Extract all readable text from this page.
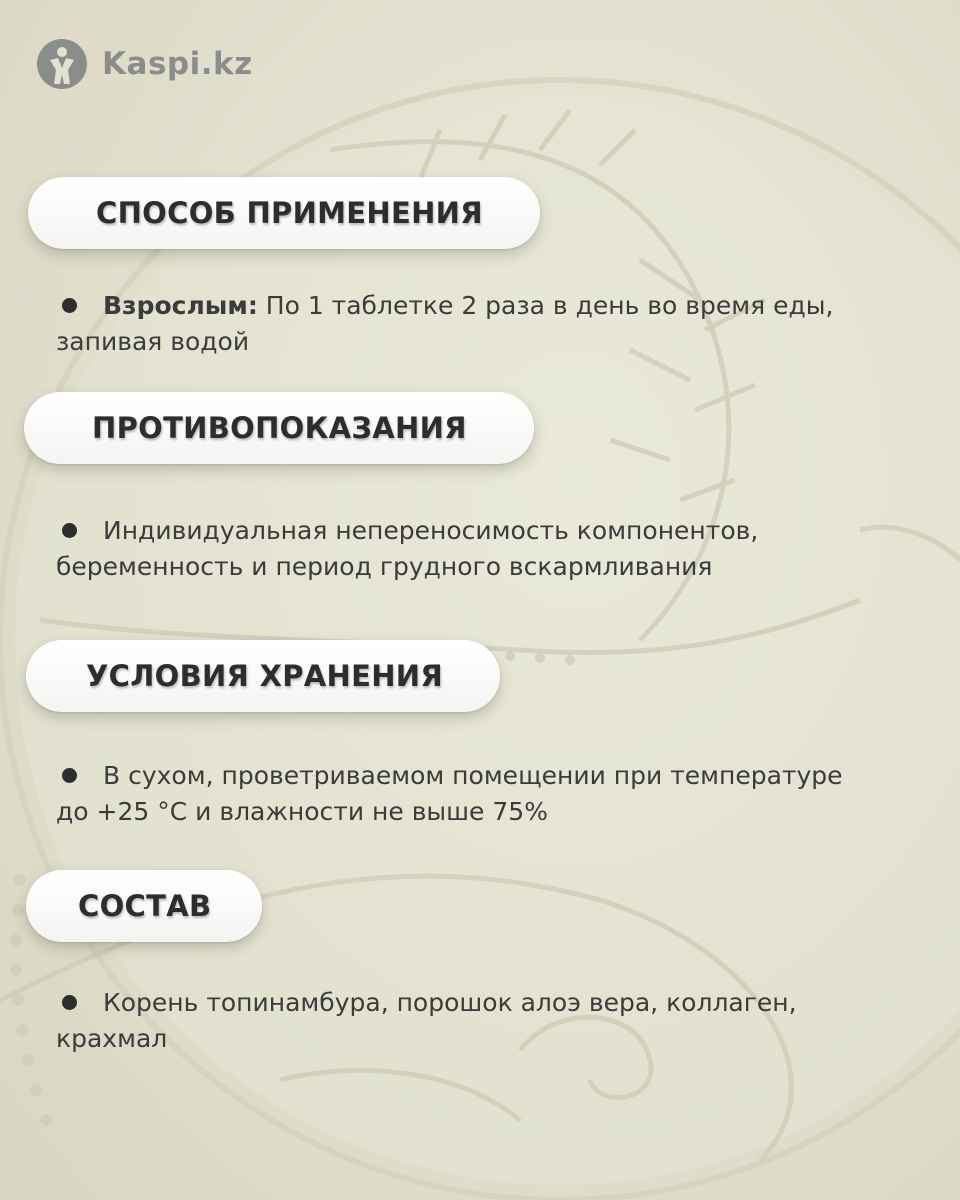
Kaspi.kz
СПОСОБ ПРИМЕНЕНИЯ
Взрослым: По 1 таблетке 2 раза в день во время еды,
запивая водой
ПРОТИВОПОКАЗАНИЯ
Индивидуальная непереносимость компонентов,
беременность и период грудного вскармливания
УСЛОВИЯ ХРАНЕНИЯ
В сухом, проветриваемом помещении при температуре
до +25 °С и влажности не выше 75%
СОСТАВ
Корень топинамбура, порошок алоэ вера, коллаген,
крахмал
